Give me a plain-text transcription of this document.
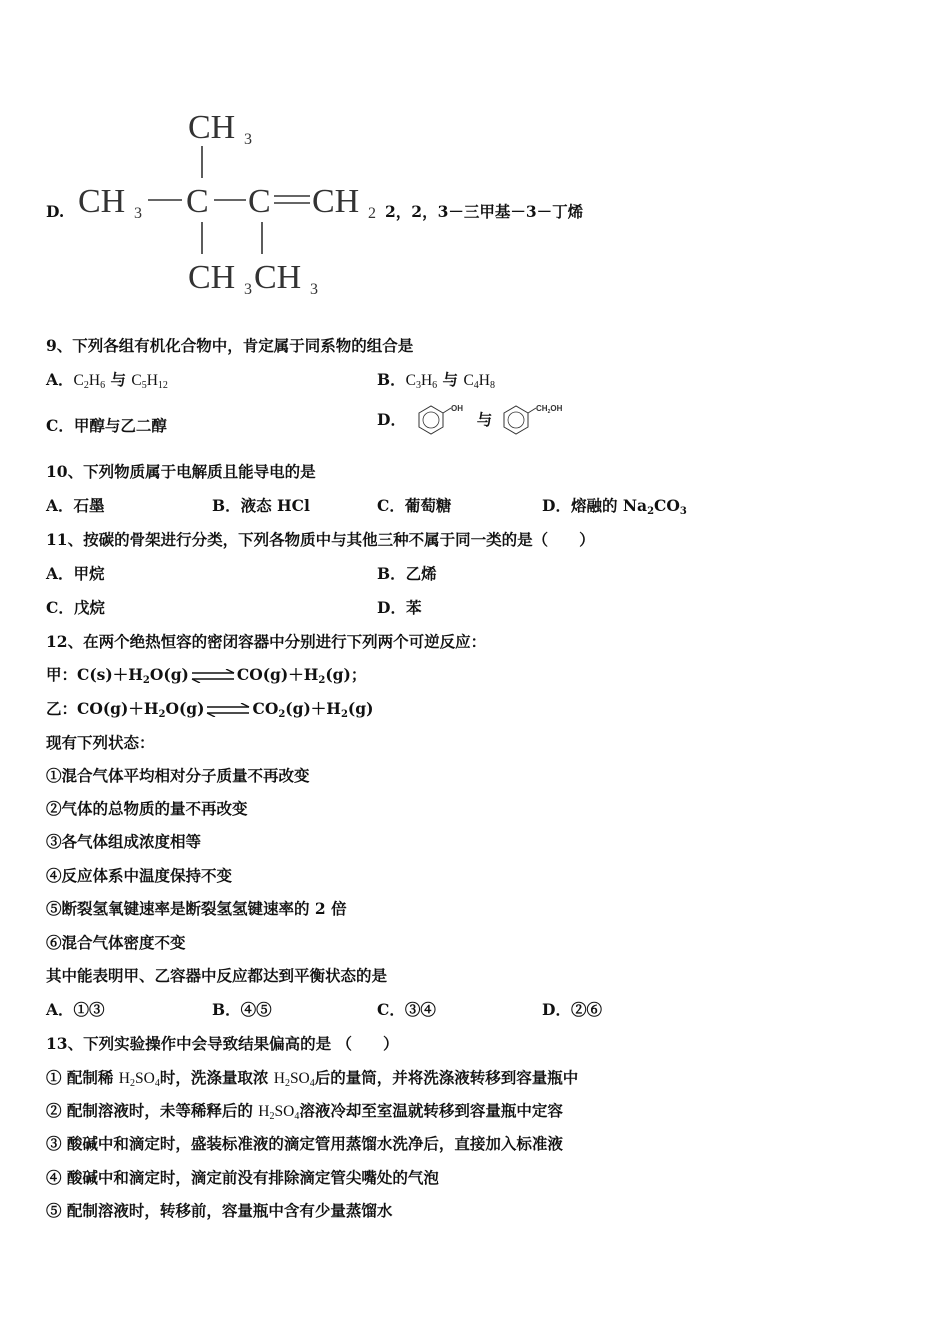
D.
CH 3
CH 3 C C CH 2
CH 3 CH 3
2，2，3－三甲基－3－丁烯
9、下列各组有机化合物中，肯定属于同系物的组合是
A．$C_2H_6$ 与 $C_5H_{12}$	B．$C_3H_6$ 与 $C_4H_8$
C．甲醇与乙二醇	D．
OH
与
$CH_2OH$
10、下列物质属于电解质且能导电的是
A．石墨	B．液态 HCl	C．葡萄糖	D．熔融的 $Na_2CO_3$
11、按碳的骨架进行分类，下列各物质中与其他三种不属于同一类的是（　　）
A．甲烷	B．乙烯
C．戊烷	D．苯
12、在两个绝热恒容的密闭容器中分别进行下列两个可逆反应：
甲：$C(s)+H_2O(g)\rightleftharpoons CO(g)+H_2(g)$；
乙：$CO(g)+H_2O(g)\rightleftharpoons CO_2(g)+H_2(g)$
现有下列状态：
①混合气体平均相对分子质量不再改变
②气体的总物质的量不再改变
③各气体组成浓度相等
④反应体系中温度保持不变
⑤断裂氢氧键速率是断裂氢氢键速率的 2 倍
⑥混合气体密度不变
其中能表明甲、乙容器中反应都达到平衡状态的是
A．①③	B．④⑤	C．③④	D．②⑥
13、下列实验操作中会导致结果偏高的是 （　　）
① 配制稀 $H_2SO_4$时，洗涤量取浓 $H_2SO_4$后的量筒，并将洗涤液转移到容量瓶中
② 配制溶液时，未等稀释后的 $H_2SO_4$溶液冷却至室温就转移到容量瓶中定容
③ 酸碱中和滴定时，盛装标准液的滴定管用蒸馏水洗净后，直接加入标准液
④ 酸碱中和滴定时，滴定前没有排除滴定管尖嘴处的气泡
⑤ 配制溶液时，转移前，容量瓶中含有少量蒸馏水
